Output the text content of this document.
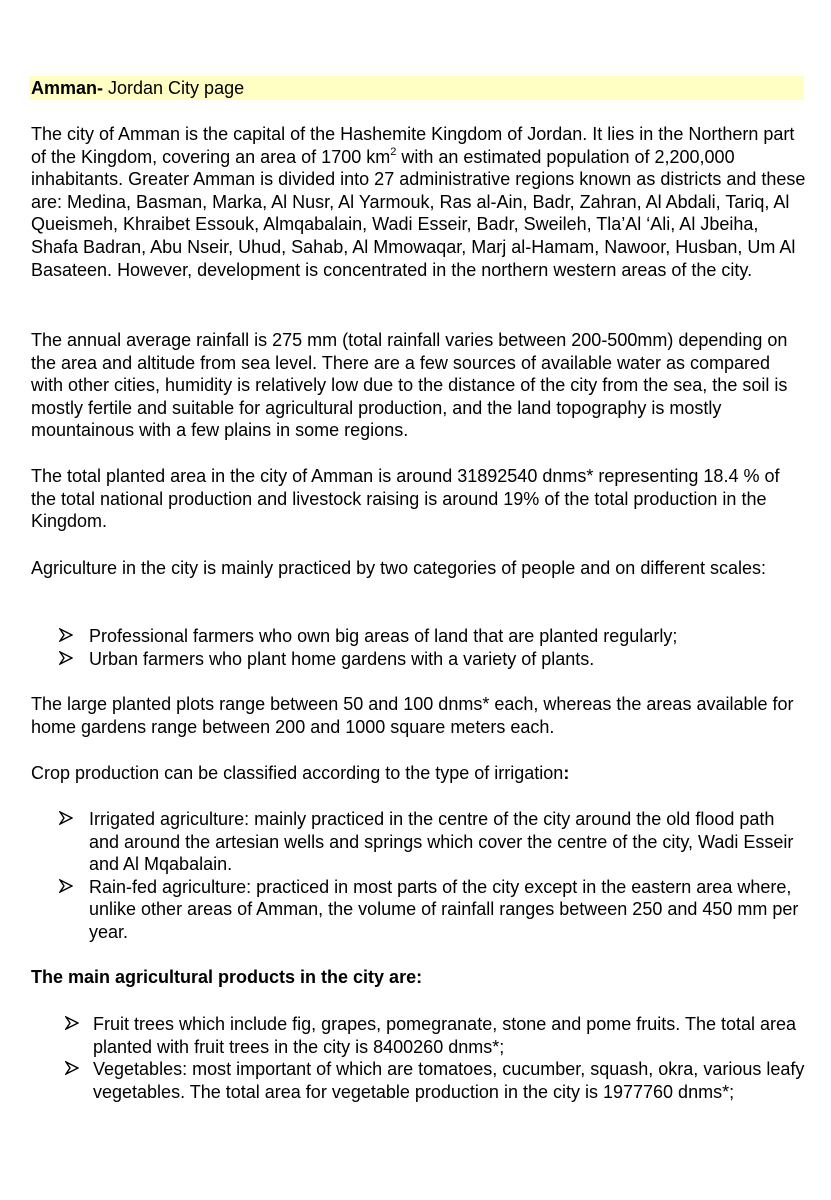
Amman- Jordan City page

The city of Amman is the capital of the Hashemite Kingdom of Jordan. It lies in the Northern part of the Kingdom, covering an area of 1700 $km^2$ with an estimated population of 2,200,000 inhabitants. Greater Amman is divided into 27 administrative regions known as districts and these are: Medina, Basman, Marka, Al Nusr, Al Yarmouk, Ras al-Ain, Badr, Zahran, Al Abdali, Tariq, Al Queismeh, Khraibet Essouk, Almqabalain, Wadi Esseir, Badr, Sweileh, Tla’Al ‘Ali, Al Jbeiha, Shafa Badran, Abu Nseir, Uhud, Sahab, Al Mmowaqar, Marj al-Hamam, Nawoor, Husban, Um Al Basateen. However, development is concentrated in the northern western areas of the city.

The annual average rainfall is 275 mm (total rainfall varies between 200-500mm) depending on the area and altitude from sea level. There are a few sources of available water as compared with other cities, humidity is relatively low due to the distance of the city from the sea, the soil is mostly fertile and suitable for agricultural production, and the land topography is mostly mountainous with a few plains in some regions.

The total planted area in the city of Amman is around 31892540 dnms* representing 18.4 % of the total national production and livestock raising is around 19% of the total production in the Kingdom.

Agriculture in the city is mainly practiced by two categories of people and on different scales:

Professional farmers who own big areas of land that are planted regularly;
Urban farmers who plant home gardens with a variety of plants.

The large planted plots range between 50 and 100 dnms* each, whereas the areas available for home gardens range between 200 and 1000 square meters each.

Crop production can be classified according to the type of irrigation:

Irrigated agriculture: mainly practiced in the centre of the city around the old flood path and around the artesian wells and springs which cover the centre of the city, Wadi Esseir and Al Mqabalain.
Rain-fed agriculture: practiced in most parts of the city except in the eastern area where, unlike other areas of Amman, the volume of rainfall ranges between 250 and 450 mm per year.

The main agricultural products in the city are:

Fruit trees which include fig, grapes, pomegranate, stone and pome fruits. The total area planted with fruit trees in the city is 8400260 dnms*;
Vegetables: most important of which are tomatoes, cucumber, squash, okra, various leafy vegetables. The total area for vegetable production in the city is 1977760 dnms*;
